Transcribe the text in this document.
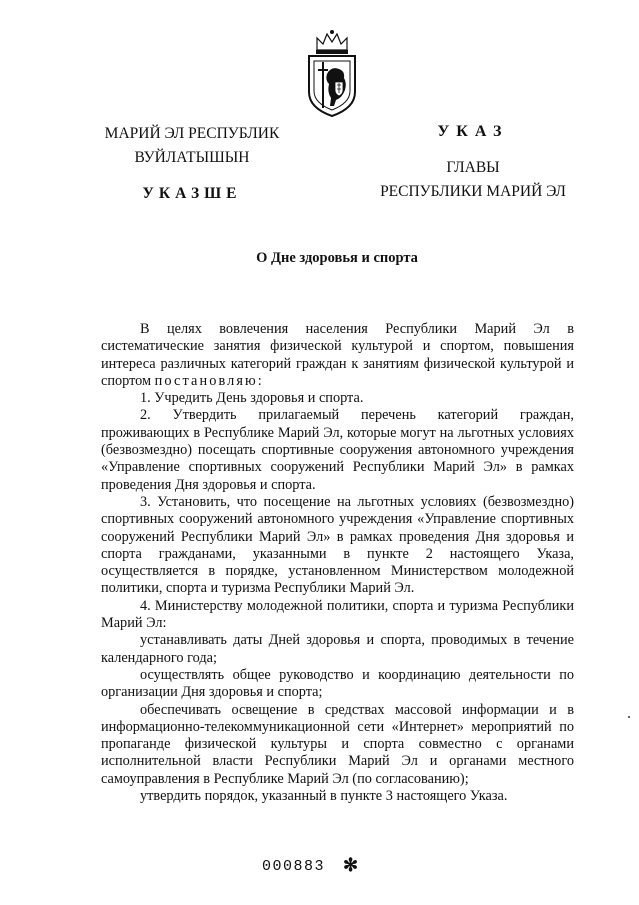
МАРИЙ ЭЛ РЕСПУБЛИК
ВУЙЛАТЫШЫН
УКАЗШЕ
УКАЗ
ГЛАВЫ
РЕСПУБЛИКИ МАРИЙ ЭЛ
О Дне здоровья и спорта

В целях вовлечения населения Республики Марий Эл в систематические занятия физической культурой и спортом, повышения интереса различных категорий граждан к занятиям физической культурой и спортом постановляю:

1. Учредить День здоровья и спорта.

2. Утвердить прилагаемый перечень категорий граждан, проживающих в Республике Марий Эл, которые могут на льготных условиях (безвозмездно) посещать спортивные сооружения автономного учреждения «Управление спортивных сооружений Республики Марий Эл» в рамках проведения Дня здоровья и спорта.

3. Установить, что посещение на льготных условиях (безвозмездно) спортивных сооружений автономного учреждения «Управление спортивных сооружений Республики Марий Эл» в рамках проведения Дня здоровья и спорта гражданами, указанными в пункте 2 настоящего Указа, осуществляется в порядке, установленном Министерством молодежной политики, спорта и туризма Республики Марий Эл.

4. Министерству молодежной политики, спорта и туризма Республики Марий Эл:

устанавливать даты Дней здоровья и спорта, проводимых в течение календарного года;

осуществлять общее руководство и координацию деятельности по организации Дня здоровья и спорта;

обеспечивать освещение в средствах массовой информации и в информационно-телекоммуникационной сети «Интернет» мероприятий по пропаганде физической культуры и спорта совместно с органами исполнительной власти Республики Марий Эл и органами местного самоуправления в Республике Марий Эл (по согласованию);

утвердить порядок, указанный в пункте 3 настоящего Указа.

000883 ✻
